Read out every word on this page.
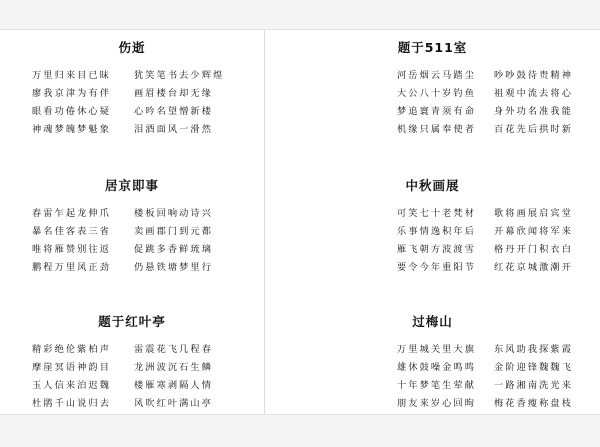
伤逝
万里归来目已昧
廖我京津为有伴
眼看功倦休心疑
神魂梦魄梦魁象
犹笑笔书去少辉煌
画眉楼台却无缘
心吟名望憎新楼
泪酒面风一滑然
居京即事
春雷乍起龙伸爪
暴名佳客表三省
唯将雁赞别往返
鹏程万里风正劲
楼板回响动诗兴
卖画郡门到元都
促跳多香鲜琉璃
仍悬铁塘梦里行
题于红叶亭
精彩绝伦紫柏声
摩崖冥语神韵目
玉人信来泊迟魏
杜鹃千山说归去
雷震花飞几程春
龙洲波沉石生鳞
楼雁寒剥隔人情
风吹红叶满山亭
题于511室
河岳烟云马踏尘
大公八十岁钓鱼
梦追寰青须有命
机缘只属奉使者
吵吵鼓待贵精神
祖观中流去将心
身外功名准我能
百花先后拱时新
中秋画展
可笑七十老梵材
乐事情逸积年后
雁飞朝方波渡雪
要令今年重阳节
歌将画展启宾堂
开幕欣闻将军来
格丹开门积衣白
红花京城激潮开
过梅山
万里城关里大旗
雄休鼓噪金鸣鸣
十年梦笔生荤献
朋友来岁心回昫
东风助我探紫霞
金阶迎锋魏魏飞
一路湘南洗光来
梅花香瘦称盘枝
